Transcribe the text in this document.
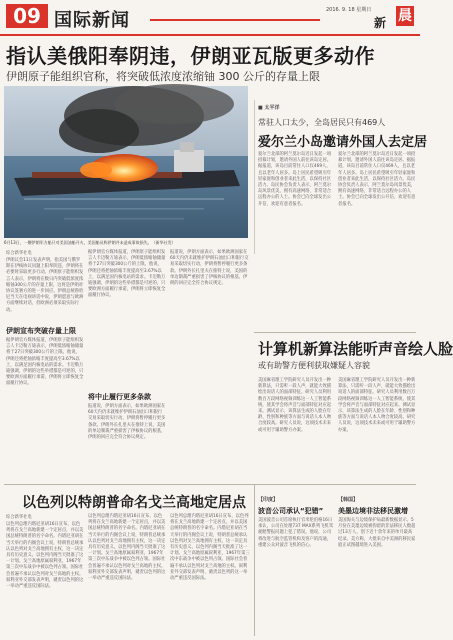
09 国际新闻	2016. 9. 18 星期日
新 晨
指认美俄阳奉阴违，伊朗亚瓦版更多动作
伊朗原子能组织官称，将突破低浓度浓缩铀 300 公斤的存量上限
6月13日，一艘伊朗军方船只对美国油船开火，美国船员称伊朗并未造成事故损失。（新华社发）
综合新华社电
伊朗议会11日发表声明，指美国与俄罗斯在伊核协议问题上阳奉阴违，伊朗将在必要时采取更多行动。伊朗原子能组织发言人表示，伊朗将在数日内突破低浓度浓缩铀300公斤的存量上限，这将是伊朗对协议签署方的进一步回应。伊朗总统鲁哈尼当天在电视讲话中说，伊朗愿意与欧洲方面继续对话，但欧洲必须采取实际行动。
伊朗宣布突破存量上限
据伊朗官方媒体报道，伊朗原子能组织发言人卡迈勒万迪表示，伊朗低浓缩铀储量将于27日突破300公斤的上限。他说，伊朗还将把铀浓缩丰度提高至3.67%以上，以满足国内核电站的需求。卡迈勒万迪强调，伊朗的这些举措都是可逆的，只要欧洲方面履行承诺，伊朗将立即恢复全面履行协议。
据伊朗官方媒体报道，伊朗原子能组织发言人卡迈勒万迪表示，伊朗低浓缩铀储量将于27日突破300公斤的上限。他说，伊朗还将把铀浓缩丰度提高至3.67%以上，以满足国内核电站的需求。卡迈勒万迪强调，伊朗的这些举措都是可逆的，只要欧洲方面履行承诺，伊朗将立即恢复全面履行协议。
将中止履行更多条款
报道说，伊朗方面表示，如果欧洲国家在60天内仍未就维护伊朗石油出口和银行交易采取切实行动，伊朗将暂停履行更多条款。伊朗外长扎里夫在推特上说，美国的单边制裁严重损害了伊核协议的根基，伊朗的回应完全符合协议规定。
报道说，伊朗方面表示，如果欧洲国家在60天内仍未就维护伊朗石油出口和银行交易采取切实行动，伊朗将暂停履行更多条款。伊朗外长扎里夫在推特上说，美国的单边制裁严重损害了伊核协议的根基，伊朗的回应完全符合协议规定。
■ 太平洋
常驻人口太少，全岛居民只有469人
爱尔兰小岛邀请外国人去定居
爱尔兰北部的阿兰莫尔岛近日发起一项招募计划，邀请外国人前往该岛定居。据报道，该岛目前常住人口仅469人，且以老年人居多。岛上居民希望吸引年轻家庭和创业者来此生活，以保持社区活力。岛民协会负责人表示，阿兰莫尔岛风景优美，拥有高速网络，非常适合远程办公的人士。协会已向全球发出公开信，欢迎有意者报名。
爱尔兰北部的阿兰莫尔岛近日发起一项招募计划，邀请外国人前往该岛定居。据报道，该岛目前常住人口仅469人，且以老年人居多。岛上居民希望吸引年轻家庭和创业者来此生活，以保持社区活力。岛民协会负责人表示，阿兰莫尔岛风景优美，拥有高速网络，非常适合远程办公的人士。协会已向全球发出公开信，欢迎有意者报名。
计算机新算法能听声音绘人脸
或有助警方便利获取嫌疑人容貌
美国麻省理工学院研究人员开发出一种新算法，只需听一段人声，就能大致描绘出说话人的面部特征。研究人员利用数百万段网络视频训练这一人工智能系统，使其学会将声音与面部特征对应起来。测试显示，该算法生成的人脸在年龄、性别和种族等方面与说话人本人吻合度较高。研究人员说，这项技术未来或可用于辅助警方办案。
美国麻省理工学院研究人员开发出一种新算法，只需听一段人声，就能大致描绘出说话人的面部特征。研究人员利用数百万段网络视频训练这一人工智能系统，使其学会将声音与面部特征对应起来。测试显示，该算法生成的人脸在年龄、性别和种族等方面与说话人本人吻合度较高。研究人员说，这项技术未来或可用于辅助警方办案。
以色列以特朗普命名戈兰高地定居点
综合新华社电
以色列总理内塔尼亚胡16日宣布，以色列将在戈兰高地新建一个定居点，并以美国总统特朗普的名字命名。内塔尼亚胡在当天举行的内阁会议上说，特朗普总统承认以色列对戈兰高地拥有主权，这一决定具有历史意义。以色列内阁当天批准了这一计划。戈兰高地原属叙利亚，1967年第三次中东战争中被以色列占领。国际社会普遍不承认以色列对戈兰高地的主权。叙利亚外交部发表声明，谴责以色列的这一举动严重违反国际法。
以色列总理内塔尼亚胡16日宣布，以色列将在戈兰高地新建一个定居点，并以美国总统特朗普的名字命名。内塔尼亚胡在当天举行的内阁会议上说，特朗普总统承认以色列对戈兰高地拥有主权，这一决定具有历史意义。以色列内阁当天批准了这一计划。戈兰高地原属叙利亚，1967年第三次中东战争中被以色列占领。国际社会普遍不承认以色列对戈兰高地的主权。叙利亚外交部发表声明，谴责以色列的这一举动严重违反国际法。
以色列总理内塔尼亚胡16日宣布，以色列将在戈兰高地新建一个定居点，并以美国总统特朗普的名字命名。内塔尼亚胡在当天举行的内阁会议上说，特朗普总统承认以色列对戈兰高地拥有主权，这一决定具有历史意义。以色列内阁当天批准了这一计划。戈兰高地原属叙利亚，1967年第三次中东战争中被以色列占领。国际社会普遍不承认以色列对戈兰高地的主权。叙利亚外交部发表声明，谴责以色列的这一举动严重违反国际法。
【印度】
波音公司承认“犯错”
美国波音公司首席执行官米伦伯格16日承认，公司在处理737 MAX系列飞机驾驶舱警报问题上犯了错误。他说，公司将改进与航空监管机构及客户的沟通，重建公众对波音飞机的信心。
【韩国】
美墨边境非法移民激增
美国海关与边境保护局最新数据显示，5月份在美墨边境被拘留的非法移民人数超过13万人，创下近十余年来的单月最高纪录。美方称，大批来自中美洲的移民家庭正试图越境进入美国。
